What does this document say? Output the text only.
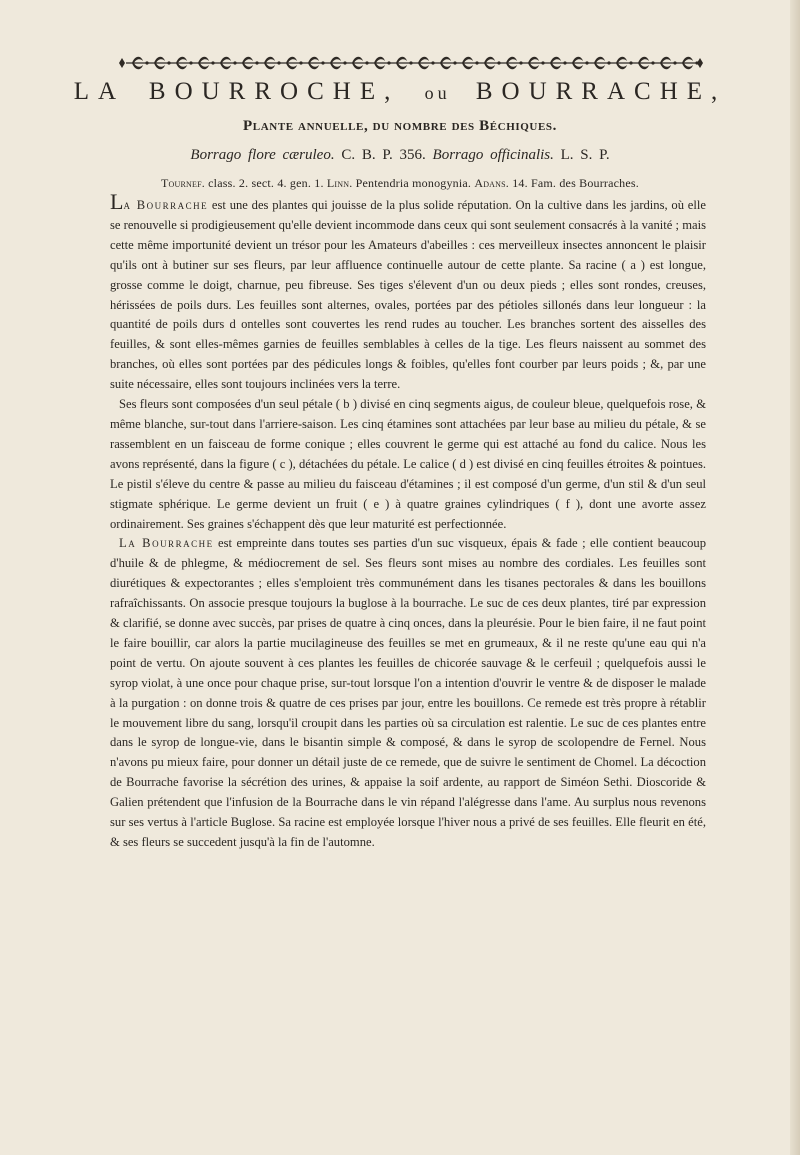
LA BOURROCHE, ou BOURRACHE,
Plante annuelle, du nombre des Béchiques.
Borrago flore cæruleo. C. B. P. 356. Borrago officinalis. L. S. P.
Tournef. class. 2. sect. 4. gen. 1. Linn. Pentendria monogynia. Adans. 14. Fam. des Bourraches.

La Bourrache est une des plantes qui jouisse de la plus solide réputation. On la cultive dans les jardins, où elle se renouvelle si prodigieusement qu'elle devient incommode dans ceux qui sont seulement consacrés à la vanité ; mais cette même importunité devient un trésor pour les Amateurs d'abeilles : ces merveilleux insectes annoncent le plaisir qu'ils ont à butiner sur ses fleurs, par leur affluence continuelle autour de cette plante. Sa racine ( a ) est longue, grosse comme le doigt, charnue, peu fibreuse. Ses tiges s'élevent d'un ou deux pieds ; elles sont rondes, creuses, hérissées de poils durs. Les feuilles sont alternes, ovales, portées par des pétioles sillonés dans leur longueur : la quantité de poils durs d ontelles sont couvertes les rend rudes au toucher. Les branches sortent des aisselles des feuilles, & sont elles-mêmes garnies de feuilles semblables à celles de la tige. Les fleurs naissent au sommet des branches, où elles sont portées par des pédicules longs & foibles, qu'elles font courber par leurs poids ; &, par une suite nécessaire, elles sont toujours inclinées vers la terre.

Ses fleurs sont composées d'un seul pétale ( b ) divisé en cinq segments aigus, de couleur bleue, quelquefois rose, & même blanche, sur-tout dans l'arriere-saison. Les cinq étamines sont attachées par leur base au milieu du pétale, & se rassemblent en un faisceau de forme conique ; elles couvrent le germe qui est attaché au fond du calice. Nous les avons représenté, dans la figure ( c ), détachées du pétale. Le calice ( d ) est divisé en cinq feuilles étroites & pointues. Le pistil s'éleve du centre & passe au milieu du faisceau d'étamines ; il est composé d'un germe, d'un stil & d'un seul stigmate sphérique. Le germe devient un fruit ( e ) à quatre graines cylindriques ( f ), dont une avorte assez ordinairement. Ses graines s'échappent dès que leur maturité est perfectionnée.

La Bourrache est empreinte dans toutes ses parties d'un suc visqueux, épais & fade ; elle contient beaucoup d'huile & de phlegme, & médiocrement de sel. Ses fleurs sont mises au nombre des cordiales. Les feuilles sont diurétiques & expectorantes ; elles s'emploient très communément dans les tisanes pectorales & dans les bouillons rafraîchissants. On associe presque toujours la buglose à la bourrache. Le suc de ces deux plantes, tiré par expression & clarifié, se donne avec succès, par prises de quatre à cinq onces, dans la pleurésie. Pour le bien faire, il ne faut point le faire bouillir, car alors la partie mucilagineuse des feuilles se met en grumeaux, & il ne reste qu'une eau qui n'a point de vertu. On ajoute souvent à ces plantes les feuilles de chicorée sauvage & le cerfeuil ; quelquefois aussi le syrop violat, à une once pour chaque prise, sur-tout lorsque l'on a intention d'ouvrir le ventre & de disposer le malade à la purgation : on donne trois & quatre de ces prises par jour, entre les bouillons. Ce remede est très propre à rétablir le mouvement libre du sang, lorsqu'il croupit dans les parties où sa circulation est ralentie. Le suc de ces plantes entre dans le syrop de longue-vie, dans le bisantin simple & composé, & dans le syrop de scolopendre de Fernel. Nous n'avons pu mieux faire, pour donner un détail juste de ce remede, que de suivre le sentiment de Chomel. La décoction de Bourrache favorise la sécrétion des urines, & appaise la soif ardente, au rapport de Siméon Sethi. Dioscoride & Galien prétendent que l'infusion de la Bourrache dans le vin répand l'alégresse dans l'ame. Au surplus nous revenons sur ses vertus à l'article Buglose. Sa racine est employée lorsque l'hiver nous a privé de ses feuilles. Elle fleurit en été, & ses fleurs se succedent jusqu'à la fin de l'automne.
